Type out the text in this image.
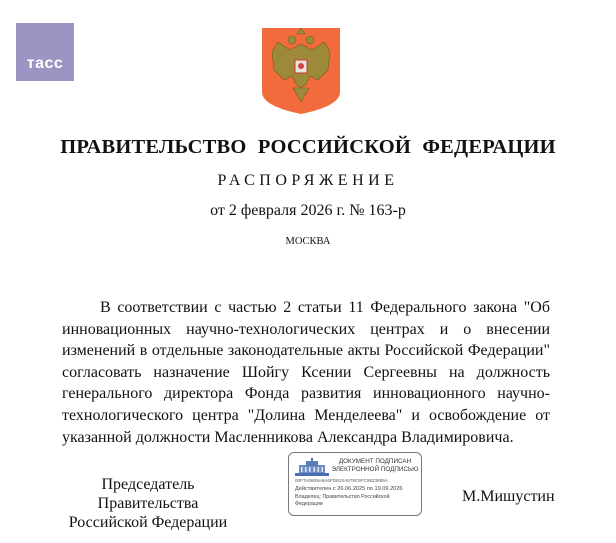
тасс
ПРАВИТЕЛЬСТВО РОССИЙСКОЙ ФЕДЕРАЦИИ
РАСПОРЯЖЕНИЕ
от 2 февраля 2026 г. № 163-р
МОСКВА
В соответствии с частью 2 статьи 11 Федерального закона "Об инновационных научно-технологических центрах и о внесении изменений в отдельные законодательные акты Российской Федерации" согласовать назначение Шойгу Ксении Сергеевны на должность генерального директора Фонда развития инновационного научно-технологического центра "Долина Менделеева" и освобождение от указанной должности Масленникова Александра Владимировича.
Председатель Правительства
Российской Федерации
ДОКУМЕНТ ПОДПИСАН
ЭЛЕКТРОННОЙ ПОДПИСЬЮ
00FTA0609A6A6FD61SA579C5FC9823865A
Действителен с 26.06.2025 по 19.09.2026
Владелец: Правительство Российской Федерации	М.Мишустин
